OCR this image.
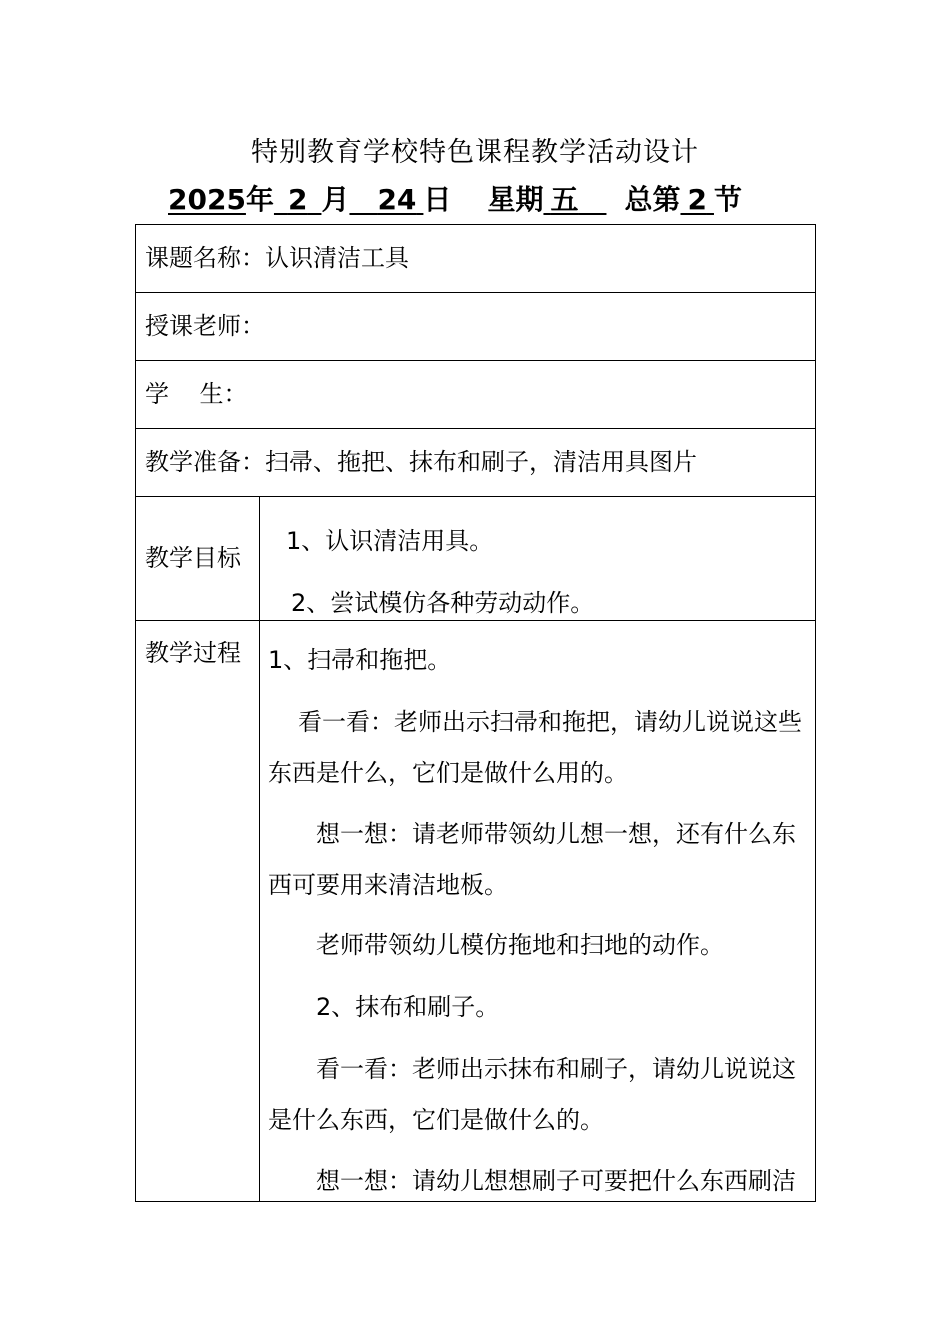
特别教育学校特色课程教学活动设计
2025年   2   月  24  日 星期  五  总第  2  节
课题名称：认识清洁工具
授课老师：
学    生：
教学准备：扫帚、拖把、抹布和刷子，清洁用具图片
教学目标
1、认识清洁用具。
2、尝试模仿各种劳动动作。
教学过程 1、扫帚和拖把。
看一看：老师出示扫帚和拖把，请幼儿说说这些东西是什么，它们是做什么用的。
想一想：请老师带领幼儿想一想，还有什么东西可要用来清洁地板。
老师带领幼儿模仿拖地和扫地的动作。
2、抹布和刷子。
看一看：老师出示抹布和刷子，请幼儿说说这是什么东西，它们是做什么的。
想一想：请幼儿想想刷子可要把什么东西刷洁
